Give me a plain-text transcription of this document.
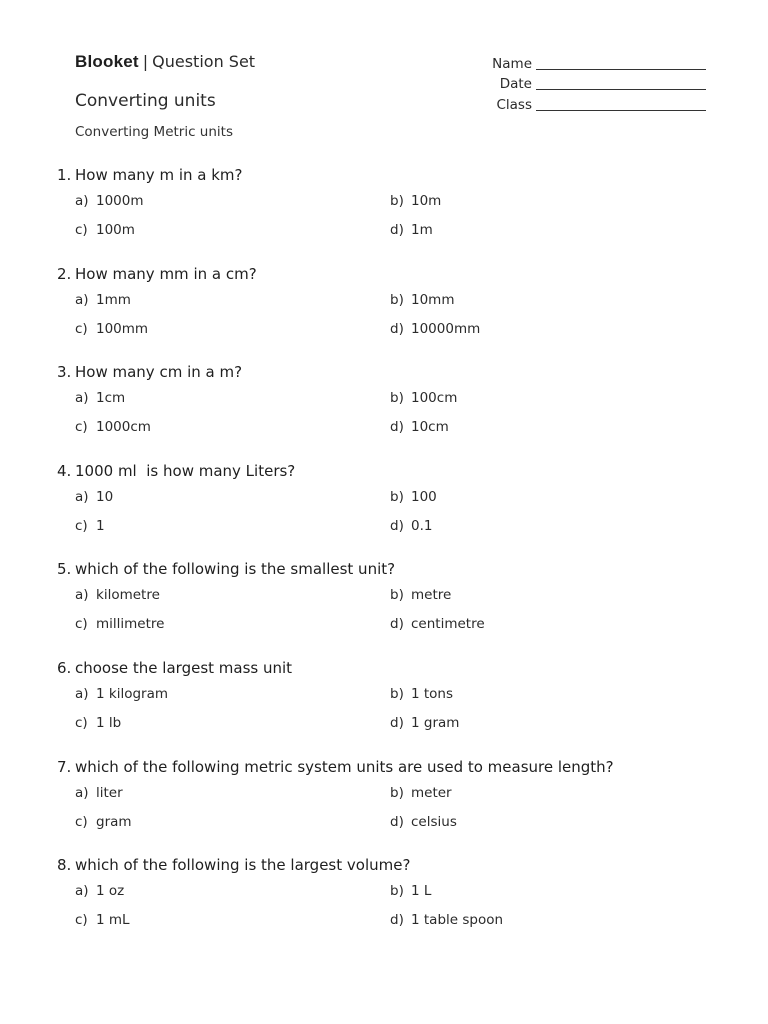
Blooket | Question Set
Converting units
Converting Metric units
Name
Date
Class
1. How many m in a km?
a) 1000m	b) 10m
c) 100m	d) 1m
2. How many mm in a cm?
a) 1mm	b) 10mm
c) 100mm	d) 10000mm
3. How many cm in a m?
a) 1cm	b) 100cm
c) 1000cm	d) 10cm
4. 1000 ml  is how many Liters?
a) 10	b) 100
c) 1	d) 0.1
5. which of the following is the smallest unit?
a) kilometre	b) metre
c) millimetre	d) centimetre
6. choose the largest mass unit
a) 1 kilogram	b) 1 tons
c) 1 lb	d) 1 gram
7. which of the following metric system units are used to measure length?
a) liter	b) meter
c) gram	d) celsius
8. which of the following is the largest volume?
a) 1 oz	b) 1 L
c) 1 mL	d) 1 table spoon
